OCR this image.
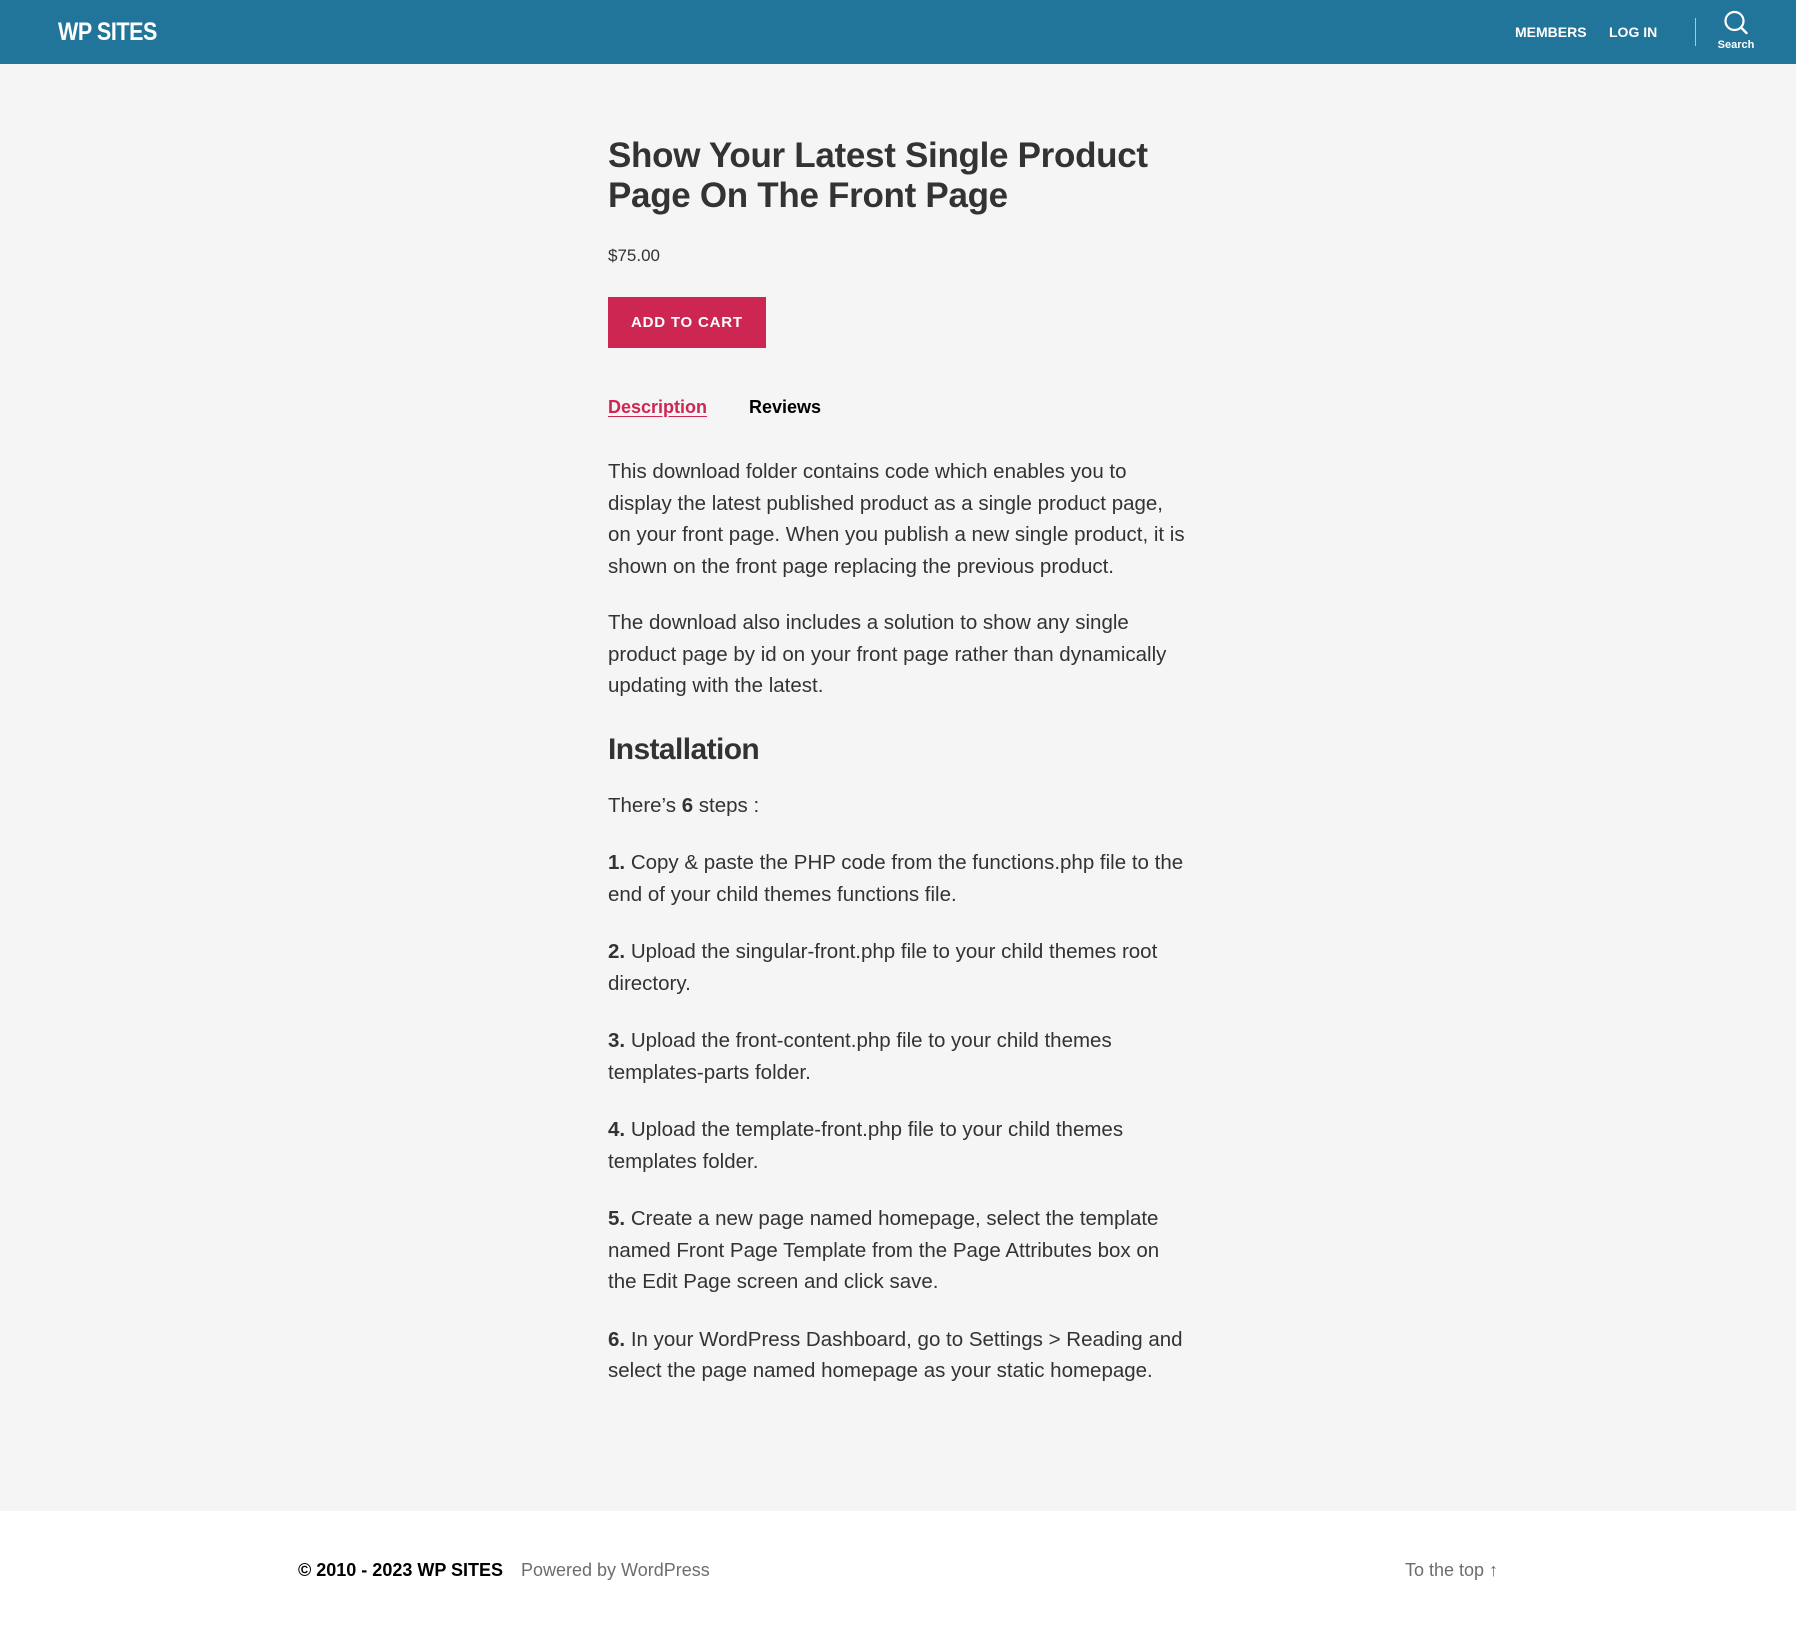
WP SITES	MEMBERS LOG IN
Search
Show Your Latest Single Product Page On The Front Page
$75.00
ADD TO CART
Description Reviews

This download folder contains code which enables you to display the latest published product as a single product page, on your front page. When you publish a new single product, it is shown on the front page replacing the previous product.

The download also includes a solution to show any single product page by id on your front page rather than dynamically updating with the latest.

Installation

There’s 6 steps :

1. Copy & paste the PHP code from the functions.php file to the end of your child themes functions file.

2. Upload the singular-front.php file to your child themes root directory.

3. Upload the front-content.php file to your child themes templates-parts folder.

4. Upload the template-front.php file to your child themes templates folder.

5. Create a new page named homepage, select the template named Front Page Template from the Page Attributes box on the Edit Page screen and click save.

6. In your WordPress Dashboard, go to Settings > Reading and select the page named homepage as your static homepage.

© 2010 - 2023 WP SITES Powered by WordPress	To the top ↑
